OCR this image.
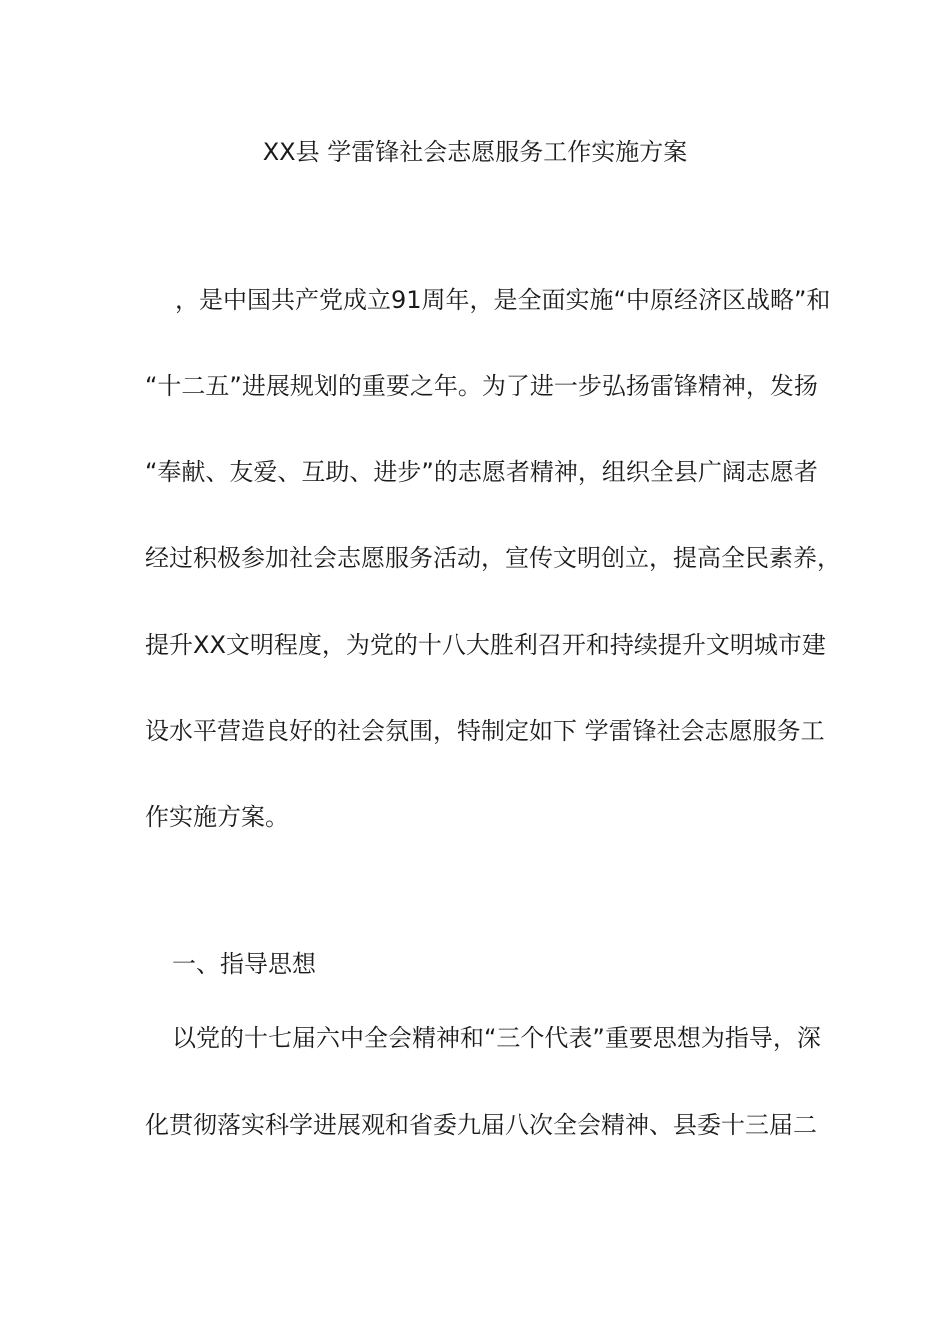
XX县 学雷锋社会志愿服务工作实施方案
，是中国共产党成立91周年，是全面实施“中原经济区战略”和
“十二五”进展规划的重要之年。为了进一步弘扬雷锋精神，发扬
“奉献、友爱、互助、进步”的志愿者精神，组织全县广阔志愿者
经过积极参加社会志愿服务活动，宣传文明创立，提高全民素养，
提升XX文明程度，为党的十八大胜利召开和持续提升文明城市建
设水平营造良好的社会氛围，特制定如下 学雷锋社会志愿服务工
作实施方案。
一、指导思想
以党的十七届六中全会精神和“三个代表”重要思想为指导，深
化贯彻落实科学进展观和省委九届八次全会精神、县委十三届二
